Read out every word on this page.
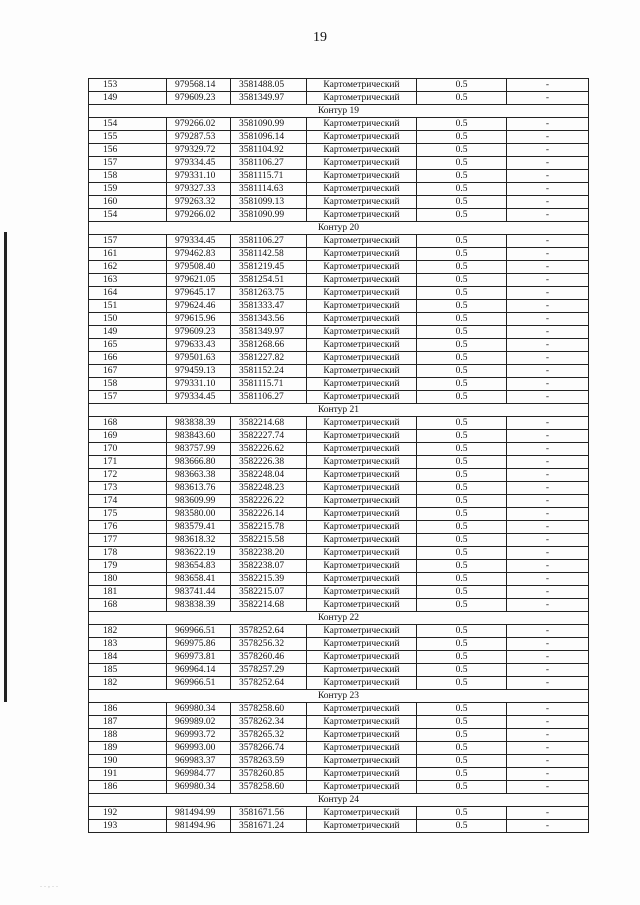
19
153	979568.14	3581488.05	Картометрический	0.5	-
149	979609.23	3581349.97	Картометрический	0.5	-
Контур 19					
154	979266.02	3581090.99	Картометрический	0.5	-
155	979287.53	3581096.14	Картометрический	0.5	-
156	979329.72	3581104.92	Картометрический	0.5	-
157	979334.45	3581106.27	Картометрический	0.5	-
158	979331.10	3581115.71	Картометрический	0.5	-
159	979327.33	3581114.63	Картометрический	0.5	-
160	979263.32	3581099.13	Картометрический	0.5	-
154	979266.02	3581090.99	Картометрический	0.5	-
Контур 20					
157	979334.45	3581106.27	Картометрический	0.5	-
161	979462.83	3581142.58	Картометрический	0.5	-
162	979508.40	3581219.45	Картометрический	0.5	-
163	979621.05	3581254.51	Картометрический	0.5	-
164	979645.17	3581263.75	Картометрический	0.5	-
151	979624.46	3581333.47	Картометрический	0.5	-
150	979615.96	3581343.56	Картометрический	0.5	-
149	979609.23	3581349.97	Картометрический	0.5	-
165	979633.43	3581268.66	Картометрический	0.5	-
166	979501.63	3581227.82	Картометрический	0.5	-
167	979459.13	3581152.24	Картометрический	0.5	-
158	979331.10	3581115.71	Картометрический	0.5	-
157	979334.45	3581106.27	Картометрический	0.5	-
Контур 21					
168	983838.39	3582214.68	Картометрический	0.5	-
169	983843.60	3582227.74	Картометрический	0.5	-
170	983757.99	3582226.62	Картометрический	0.5	-
171	983666.80	3582226.38	Картометрический	0.5	-
172	983663.38	3582248.04	Картометрический	0.5	-
173	983613.76	3582248.23	Картометрический	0.5	-
174	983609.99	3582226.22	Картометрический	0.5	-
175	983580.00	3582226.14	Картометрический	0.5	-
176	983579.41	3582215.78	Картометрический	0.5	-
177	983618.32	3582215.58	Картометрический	0.5	-
178	983622.19	3582238.20	Картометрический	0.5	-
179	983654.83	3582238.07	Картометрический	0.5	-
180	983658.41	3582215.39	Картометрический	0.5	-
181	983741.44	3582215.07	Картометрический	0.5	-
168	983838.39	3582214.68	Картометрический	0.5	-
Контур 22					
182	969966.51	3578252.64	Картометрический	0.5	-
183	969975.86	3578256.32	Картометрический	0.5	-
184	969973.81	3578260.46	Картометрический	0.5	-
185	969964.14	3578257.29	Картометрический	0.5	-
182	969966.51	3578252.64	Картометрический	0.5	-
Контур 23					
186	969980.34	3578258.60	Картометрический	0.5	-
187	969989.02	3578262.34	Картометрический	0.5	-
188	969993.72	3578265.32	Картометрический	0.5	-
189	969993.00	3578266.74	Картометрический	0.5	-
190	969983.37	3578263.59	Картометрический	0.5	-
191	969984.77	3578260.85	Картометрический	0.5	-
186	969980.34	3578258.60	Картометрический	0.5	-
Контур 24					
192	981494.99	3581671.56	Картометрический	0.5	-
193	981494.96	3581671.24	Картометрический	0.5	-
. . , . .
